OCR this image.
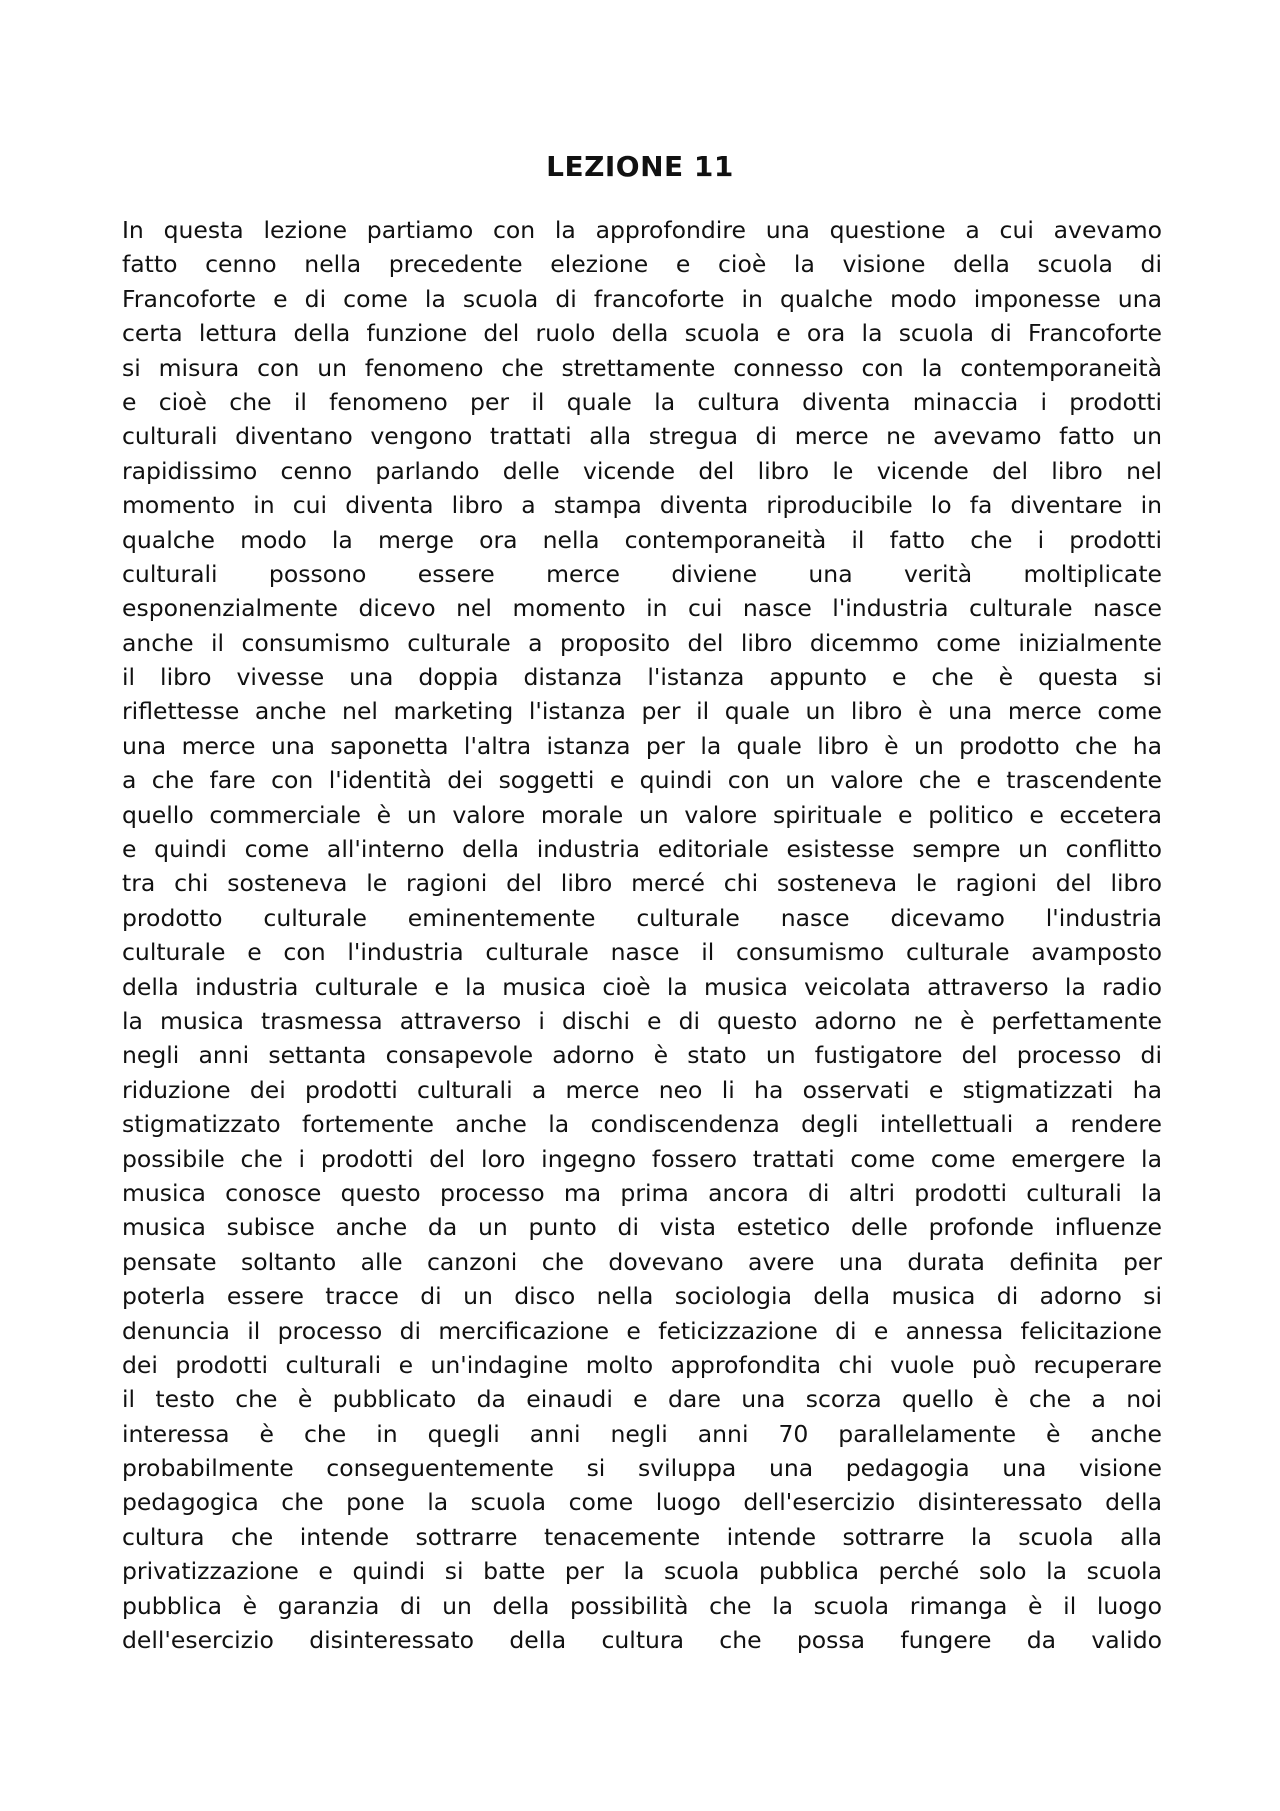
LEZIONE 11
In questa lezione partiamo con la approfondire una questione a cui avevamo
fatto cenno nella precedente elezione e cioè la visione della scuola di
Francoforte e di come la scuola di francoforte in qualche modo imponesse una
certa lettura della funzione del ruolo della scuola e ora la scuola di Francoforte
si misura con un fenomeno che strettamente connesso con la contemporaneità
e cioè che il fenomeno per il quale la cultura diventa minaccia i prodotti
culturali diventano vengono trattati alla stregua di merce ne avevamo fatto un
rapidissimo cenno parlando delle vicende del libro le vicende del libro nel
momento in cui diventa libro a stampa diventa riproducibile lo fa diventare in
qualche modo la merge ora nella contemporaneità il fatto che i prodotti
culturali possono essere merce diviene una verità moltiplicate
esponenzialmente dicevo nel momento in cui nasce l'industria culturale nasce
anche il consumismo culturale a proposito del libro dicemmo come inizialmente
il libro vivesse una doppia distanza l'istanza appunto e che è questa si
riflettesse anche nel marketing l'istanza per il quale un libro è una merce come
una merce una saponetta l'altra istanza per la quale libro è un prodotto che ha
a che fare con l'identità dei soggetti e quindi con un valore che e trascendente
quello commerciale è un valore morale un valore spirituale e politico e eccetera
e quindi come all'interno della industria editoriale esistesse sempre un conflitto
tra chi sosteneva le ragioni del libro mercé chi sosteneva le ragioni del libro
prodotto culturale eminentemente culturale nasce dicevamo l'industria
culturale e con l'industria culturale nasce il consumismo culturale avamposto
della industria culturale e la musica cioè la musica veicolata attraverso la radio
la musica trasmessa attraverso i dischi e di questo adorno ne è perfettamente
negli anni settanta consapevole adorno è stato un fustigatore del processo di
riduzione dei prodotti culturali a merce neo li ha osservati e stigmatizzati ha
stigmatizzato fortemente anche la condiscendenza degli intellettuali a rendere
possibile che i prodotti del loro ingegno fossero trattati come come emergere la
musica conosce questo processo ma prima ancora di altri prodotti culturali la
musica subisce anche da un punto di vista estetico delle profonde influenze
pensate soltanto alle canzoni che dovevano avere una durata definita per
poterla essere tracce di un disco nella sociologia della musica di adorno si
denuncia il processo di mercificazione e feticizzazione di e annessa felicitazione
dei prodotti culturali e un'indagine molto approfondita chi vuole può recuperare
il testo che è pubblicato da einaudi e dare una scorza quello è che a noi
interessa è che in quegli anni negli anni 70 parallelamente è anche
probabilmente conseguentemente si sviluppa una pedagogia una visione
pedagogica che pone la scuola come luogo dell'esercizio disinteressato della
cultura che intende sottrarre tenacemente intende sottrarre la scuola alla
privatizzazione e quindi si batte per la scuola pubblica perché solo la scuola
pubblica è garanzia di un della possibilità che la scuola rimanga è il luogo
dell'esercizio disinteressato della cultura che possa fungere da valido
